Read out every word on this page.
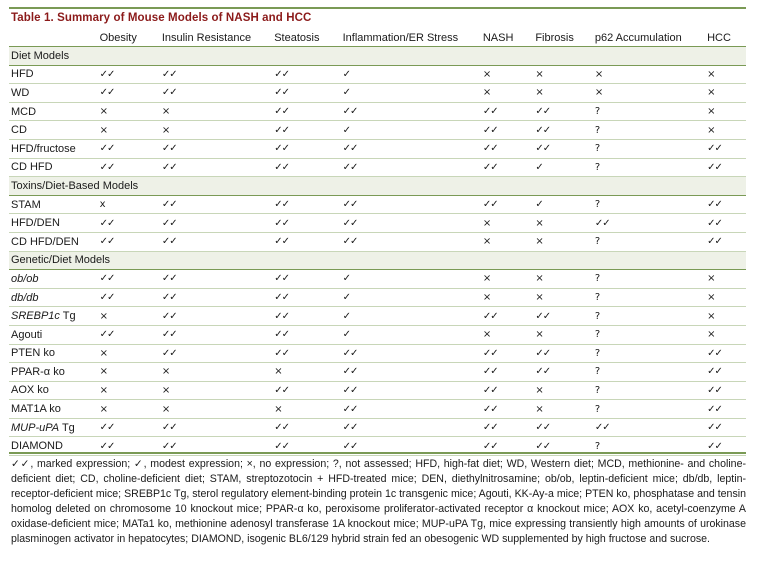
Table 1. Summary of Mouse Models of NASH and HCC
	Obesity	Insulin Resistance	Steatosis	Inflammation/ER Stress	NASH	Fibrosis	p62 Accumulation	HCC
Diet Models								
HFD	✓✓	✓✓	✓✓	✓	×	×	×	×
WD	✓✓	✓✓	✓✓	✓	×	×	×	×
MCD	×	×	✓✓	✓✓	✓✓	✓✓	?	×
CD	×	×	✓✓	✓	✓✓	✓✓	?	×
HFD/fructose	✓✓	✓✓	✓✓	✓✓	✓✓	✓✓	?	✓✓
CD HFD	✓✓	✓✓	✓✓	✓✓	✓✓	✓	?	✓✓
Toxins/Diet-Based Models								
STAM	x	✓✓	✓✓	✓✓	✓✓	✓	?	✓✓
HFD/DEN	✓✓	✓✓	✓✓	✓✓	×	×	✓✓	✓✓
CD HFD/DEN	✓✓	✓✓	✓✓	✓✓	×	×	?	✓✓
Genetic/Diet Models								
ob/ob	✓✓	✓✓	✓✓	✓	×	×	?	×
db/db	✓✓	✓✓	✓✓	✓	×	×	?	×
SREBP1c Tg	×	✓✓	✓✓	✓	✓✓	✓✓	?	×
Agouti	✓✓	✓✓	✓✓	✓	×	×	?	×
PTEN ko	×	✓✓	✓✓	✓✓	✓✓	✓✓	?	✓✓
PPAR-α ko	×	×	×	✓✓	✓✓	✓✓	?	✓✓
AOX ko	×	×	✓✓	✓✓	✓✓	×	?	✓✓
MAT1A ko	×	×	×	✓✓	✓✓	×	?	✓✓
MUP-uPA Tg	✓✓	✓✓	✓✓	✓✓	✓✓	✓✓	✓✓	✓✓
DIAMOND	✓✓	✓✓	✓✓	✓✓	✓✓	✓✓	?	✓✓

✓✓, marked expression; ✓, modest expression; ×, no expression; ?, not assessed; HFD, high-fat diet; WD, Western diet; MCD, methionine- and choline-deficient diet; CD, choline-deficient diet; STAM, streptozotocin + HFD-treated mice; DEN, diethylnitrosamine; ob/ob, leptin-deficient mice; db/db, leptin-receptor-deficient mice; SREBP1c Tg, sterol regulatory element-binding protein 1c transgenic mice; Agouti, KK-Ay-a mice; PTEN ko, phosphatase and tensin homolog deleted on chromosome 10 knockout mice; PPAR-α ko, peroxisome proliferator-activated receptor α knockout mice; AOX ko, acetyl-coenzyme A oxidase-deficient mice; MATa1 ko, methionine adenosyl transferase 1A knockout mice; MUP-uPA Tg, mice expressing transiently high amounts of urokinase plasminogen activator in hepatocytes; DIAMOND, isogenic BL6/129 hybrid strain fed an obesogenic WD supplemented by high fructose and sucrose.
